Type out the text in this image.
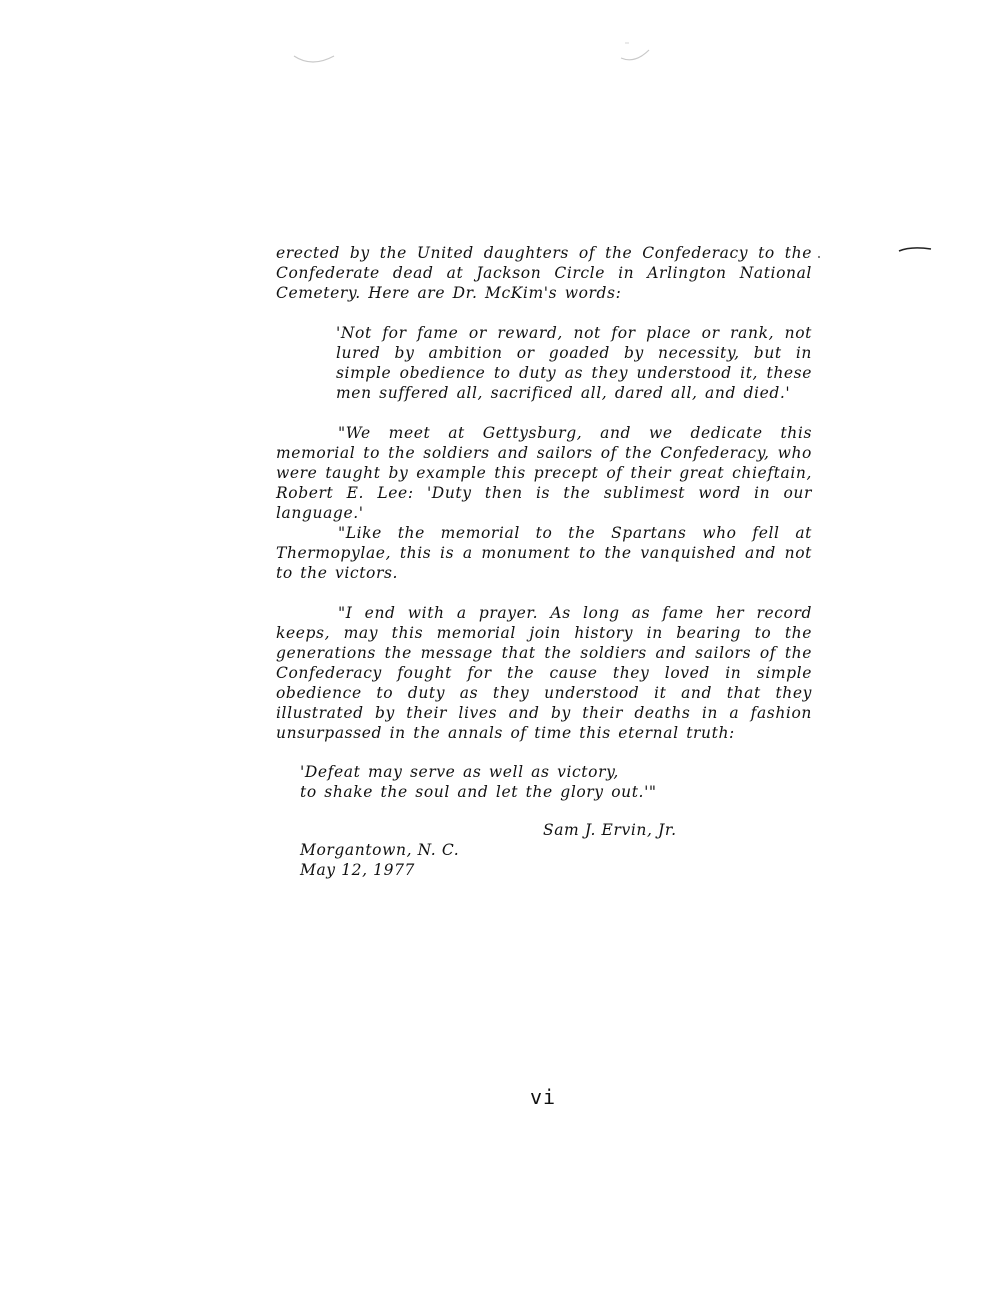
erected by the United daughters of the Confederacy to the Confederate dead at Jackson Circle in Arlington National Cemetery. Here are Dr. McKim's words:
'Not for fame or reward, not for place or rank, not lured by ambition or goaded by necessity, but in simple obedience to duty as they understood it, these men suffered all, sacrificed all, dared all, and died.'
"We meet at Gettysburg, and we dedicate this memorial to the soldiers and sailors of the Confederacy, who were taught by example this precept of their great chieftain, Robert E. Lee: 'Duty then is the sublimest word in our language.'
"Like the memorial to the Spartans who fell at Thermopylae, this is a monument to the vanquished and not to the victors.
"I end with a prayer. As long as fame her record keeps, may this memorial join history in bearing to the generations the message that the soldiers and sailors of the Confederacy fought for the cause they loved in simple obedience to duty as they understood it and that they illustrated by their lives and by their deaths in a fashion unsurpassed in the annals of time this eternal truth:
'Defeat may serve as well as victory,
to shake the soul and let the glory out.'"
Sam J. Ervin, Jr.
Morgantown, N. C.
May 12, 1977
vi
